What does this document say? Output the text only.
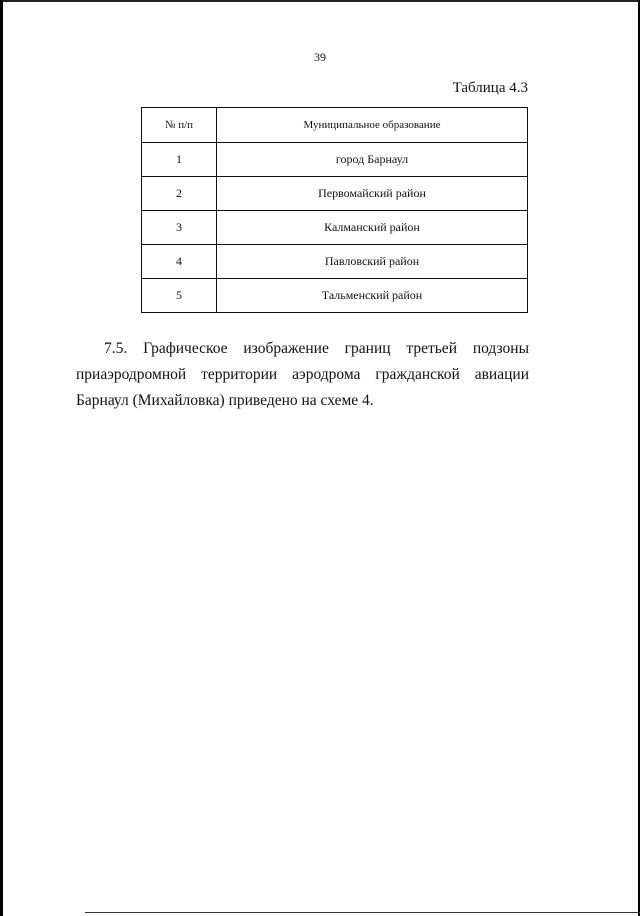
39
Таблица 4.3
№ п/п	Муниципальное образование
1	город Барнаул
2	Первомайский район
3	Калманский район
4	Павловский район
5	Тальменский район
7.5. Графическое изображение границ третьей подзоны приаэродромной территории аэродрома гражданской авиации Барнаул (Михайловка) приведено на схеме 4.
